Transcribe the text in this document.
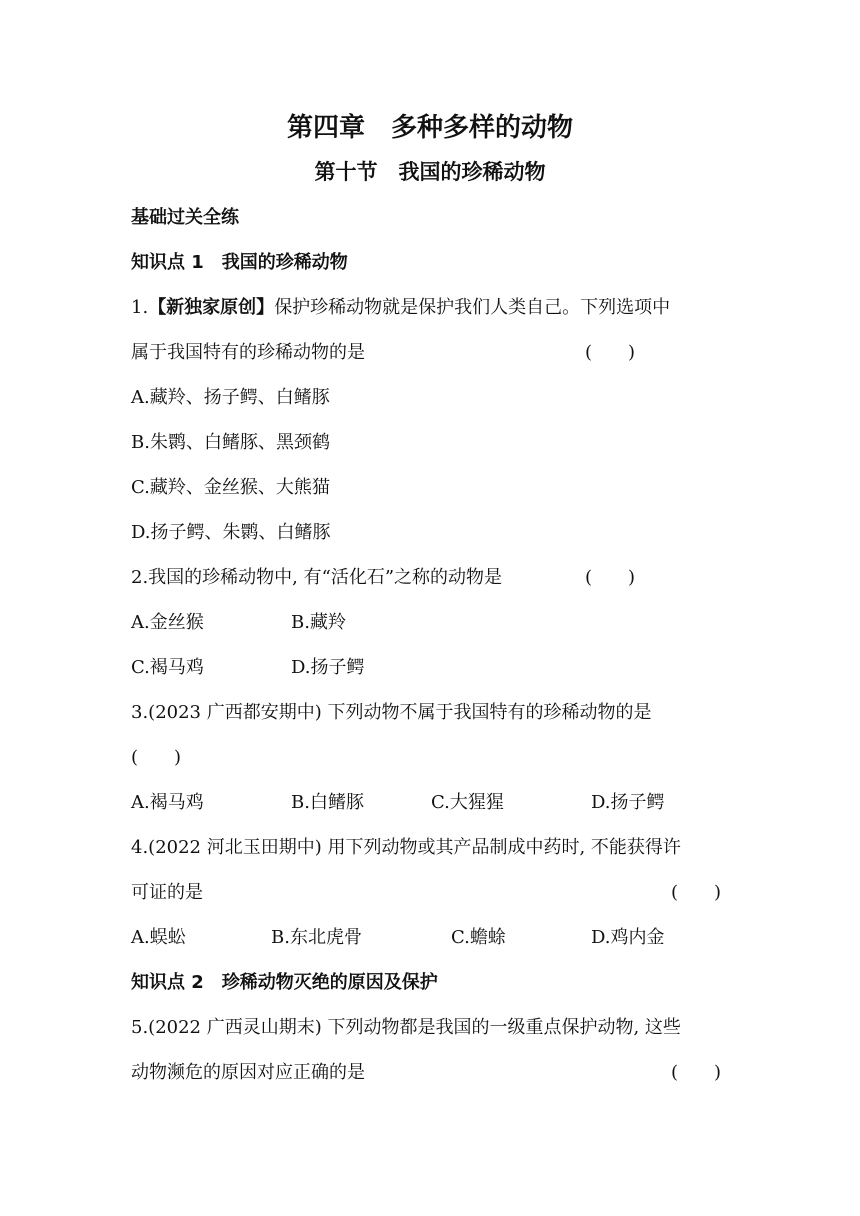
第四章　多种多样的动物
第十节　我国的珍稀动物
基础过关全练
知识点 1　我国的珍稀动物
1.【新独家原创】保护珍稀动物就是保护我们人类自己。下列选项中
属于我国特有的珍稀动物的是	(　　)
A.藏羚、扬子鳄、白鳍豚
B.朱鹮、白鳍豚、黑颈鹤
C.藏羚、金丝猴、大熊猫
D.扬子鳄、朱鹮、白鳍豚
2.我国的珍稀动物中, 有“活化石”之称的动物是	(　　)
A.金丝猴	B.藏羚
C.褐马鸡	D.扬子鳄
3.(2023 广西都安期中) 下列动物不属于我国特有的珍稀动物的是
(　　)
A.褐马鸡	B.白鳍豚	C.大猩猩	D.扬子鳄
4.(2022 河北玉田期中) 用下列动物或其产品制成中药时, 不能获得许
可证的是	(　　)
A.蜈蚣	B.东北虎骨	C.蟾蜍	D.鸡内金
知识点 2　珍稀动物灭绝的原因及保护
5.(2022 广西灵山期末) 下列动物都是我国的一级重点保护动物, 这些
动物濒危的原因对应正确的是	(　　)
